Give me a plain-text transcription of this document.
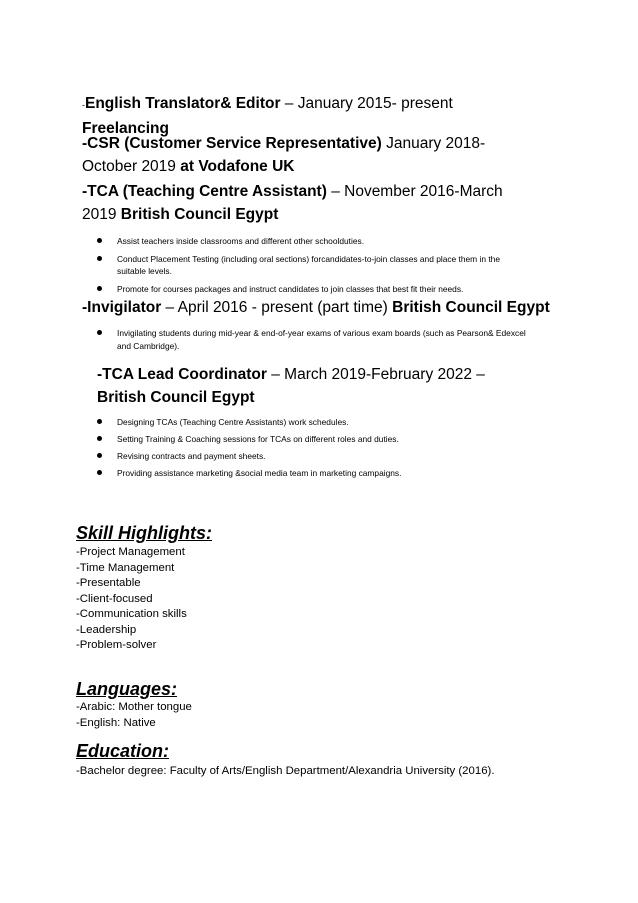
-English Translator& Editor – January 2015- present Freelancing
-CSR (Customer Service Representative) January 2018- October 2019 at Vodafone UK
-TCA (Teaching Centre Assistant) – November 2016-March 2019 British Council Egypt
Assist teachers inside classrooms and different other schoolduties.
Conduct Placement Testing (including oral sections) forcandidates-to-join classes and place them in the suitable levels.
Promote for courses packages and instruct candidates to join classes that best fit their needs.
-Invigilator – April 2016 - present (part time) British Council Egypt
Invigilating students during mid-year & end-of-year exams of various exam boards (such as Pearson& Edexcel and Cambridge).
-TCA Lead Coordinator – March 2019-February 2022 – British Council Egypt
Designing TCAs (Teaching Centre Assistants) work schedules.
Setting Training & Coaching sessions for TCAs on different roles and duties.
Revising contracts and payment sheets.
Providing assistance marketing &social media team in marketing campaigns.
Skill Highlights:
-Project Management
-Time Management
-Presentable
-Client-focused
-Communication skills
-Leadership
-Problem-solver
Languages:
-Arabic: Mother tongue
-English: Native
Education:
-Bachelor degree: Faculty of Arts/English Department/Alexandria University (2016).
